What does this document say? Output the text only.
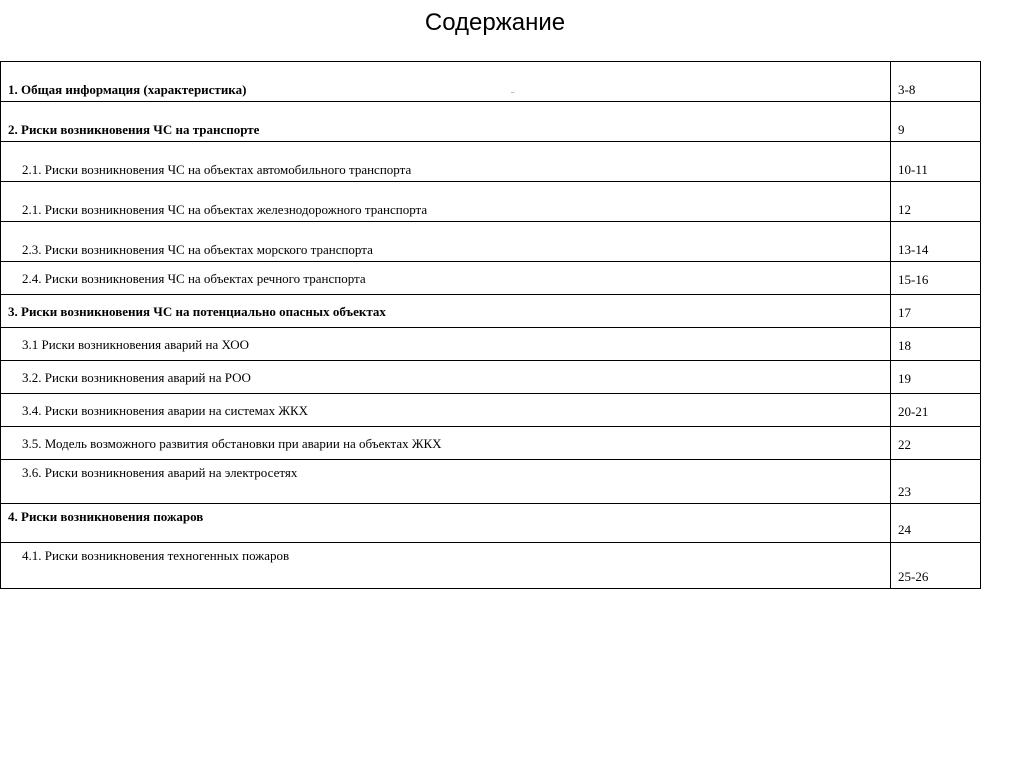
Содержание
1. Общая информация (характеристика) _	3-8

2. Риски возникновения ЧС на транспорте	9

2.1. Риски возникновения ЧС на объектах автомобильного транспорта	10-11

2.1. Риски возникновения ЧС на объектах железнодорожного транспорта	12

2.3. Риски возникновения ЧС на объектах морского транспорта	13-14

2.4. Риски возникновения ЧС на объектах речного транспорта	15-16

3. Риски возникновения ЧС на потенциально опасных объектах	17

3.1 Риски возникновения аварий на ХОО	18

3.2. Риски возникновения аварий на РОО	19

3.4. Риски возникновения аварии на системах ЖКХ	20-21

3.5. Модель возможного развития обстановки при аварии на объектах ЖКХ	22

3.6. Риски возникновения аварий на электросетях	23

4. Риски возникновения пожаров	24

4.1. Риски возникновения техногенных пожаров	25-26
